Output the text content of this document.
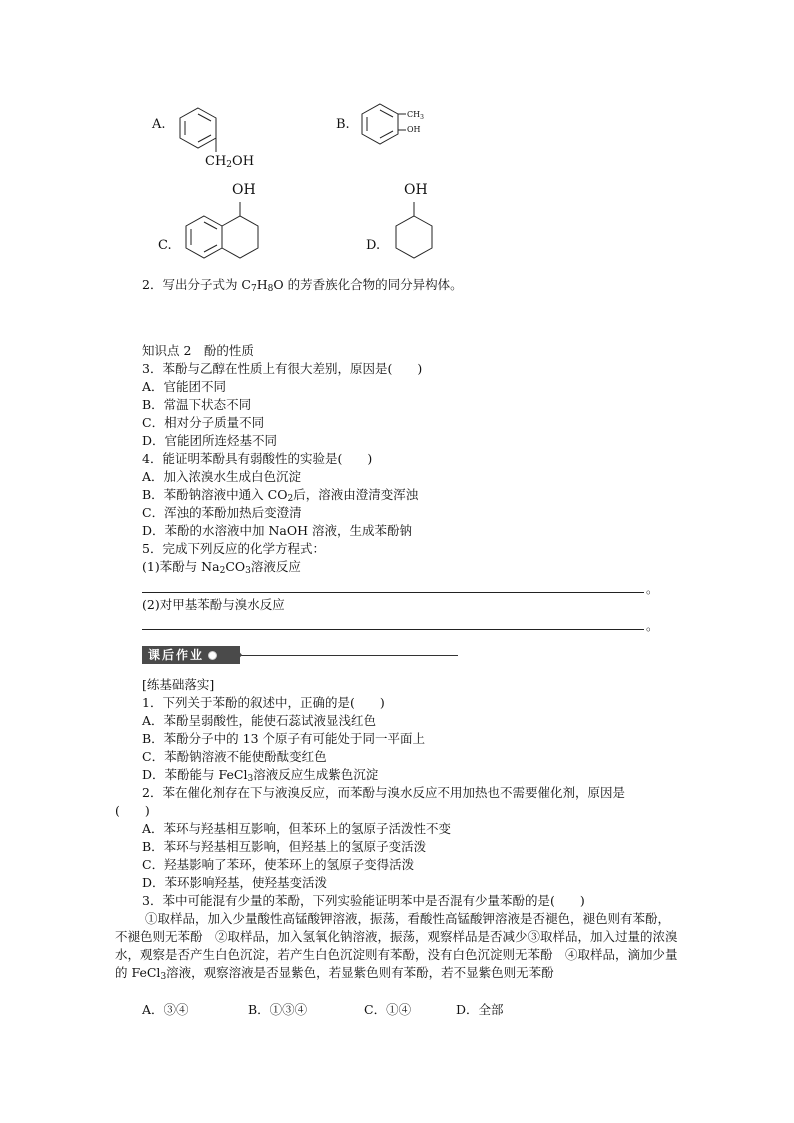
A.
$CH_2OH$
B.
$CH_3$
OH
C.
OH
D.
OH
2．写出分子式为 $C_7H_8O$ 的芳香族化合物的同分异构体。
知识点 2　酚的性质
3．苯酚与乙醇在性质上有很大差别，原因是(　　)
A．官能团不同
B．常温下状态不同
C．相对分子质量不同
D．官能团所连烃基不同
4．能证明苯酚具有弱酸性的实验是(　　)
A．加入浓溴水生成白色沉淀
B．苯酚钠溶液中通入 $CO_2$后，溶液由澄清变浑浊
C．浑浊的苯酚加热后变澄清
D．苯酚的水溶液中加 NaOH 溶液，生成苯酚钠
5．完成下列反应的化学方程式：
(1)苯酚与 $Na_2CO_3$溶液反应
。
(2)对甲基苯酚与溴水反应
。
课后作业
[练基础落实]
1．下列关于苯酚的叙述中，正确的是(　　)
A．苯酚呈弱酸性，能使石蕊试液显浅红色
B．苯酚分子中的 13 个原子有可能处于同一平面上
C．苯酚钠溶液不能使酚酞变红色
D．苯酚能与 FeCl$_3$溶液反应生成紫色沉淀
2．苯在催化剂存在下与液溴反应，而苯酚与溴水反应不用加热也不需要催化剂，原因是
(　　)
A．苯环与羟基相互影响，但苯环上的氢原子活泼性不变
B．苯环与羟基相互影响，但羟基上的氢原子变活泼
C．羟基影响了苯环，使苯环上的氢原子变得活泼
D．苯环影响羟基，使羟基变活泼
3．苯中可能混有少量的苯酚，下列实验能证明苯中是否混有少量苯酚的是(　　)
①取样品，加入少量酸性高锰酸钾溶液，振荡，看酸性高锰酸钾溶液是否褪色，褪色则有苯酚，不褪色则无苯酚　②取样品，加入氢氧化钠溶液，振荡，观察样品是否减少③取样品，加入过量的浓溴水，观察是否产生白色沉淀，若产生白色沉淀则有苯酚，没有白色沉淀则无苯酚　④取样品，滴加少量的 FeCl$_3$溶液，观察溶液是否显紫色，若显紫色则有苯酚，若不显紫色则无苯酚
A．③④	B．①③④	C．①④	D．全部
